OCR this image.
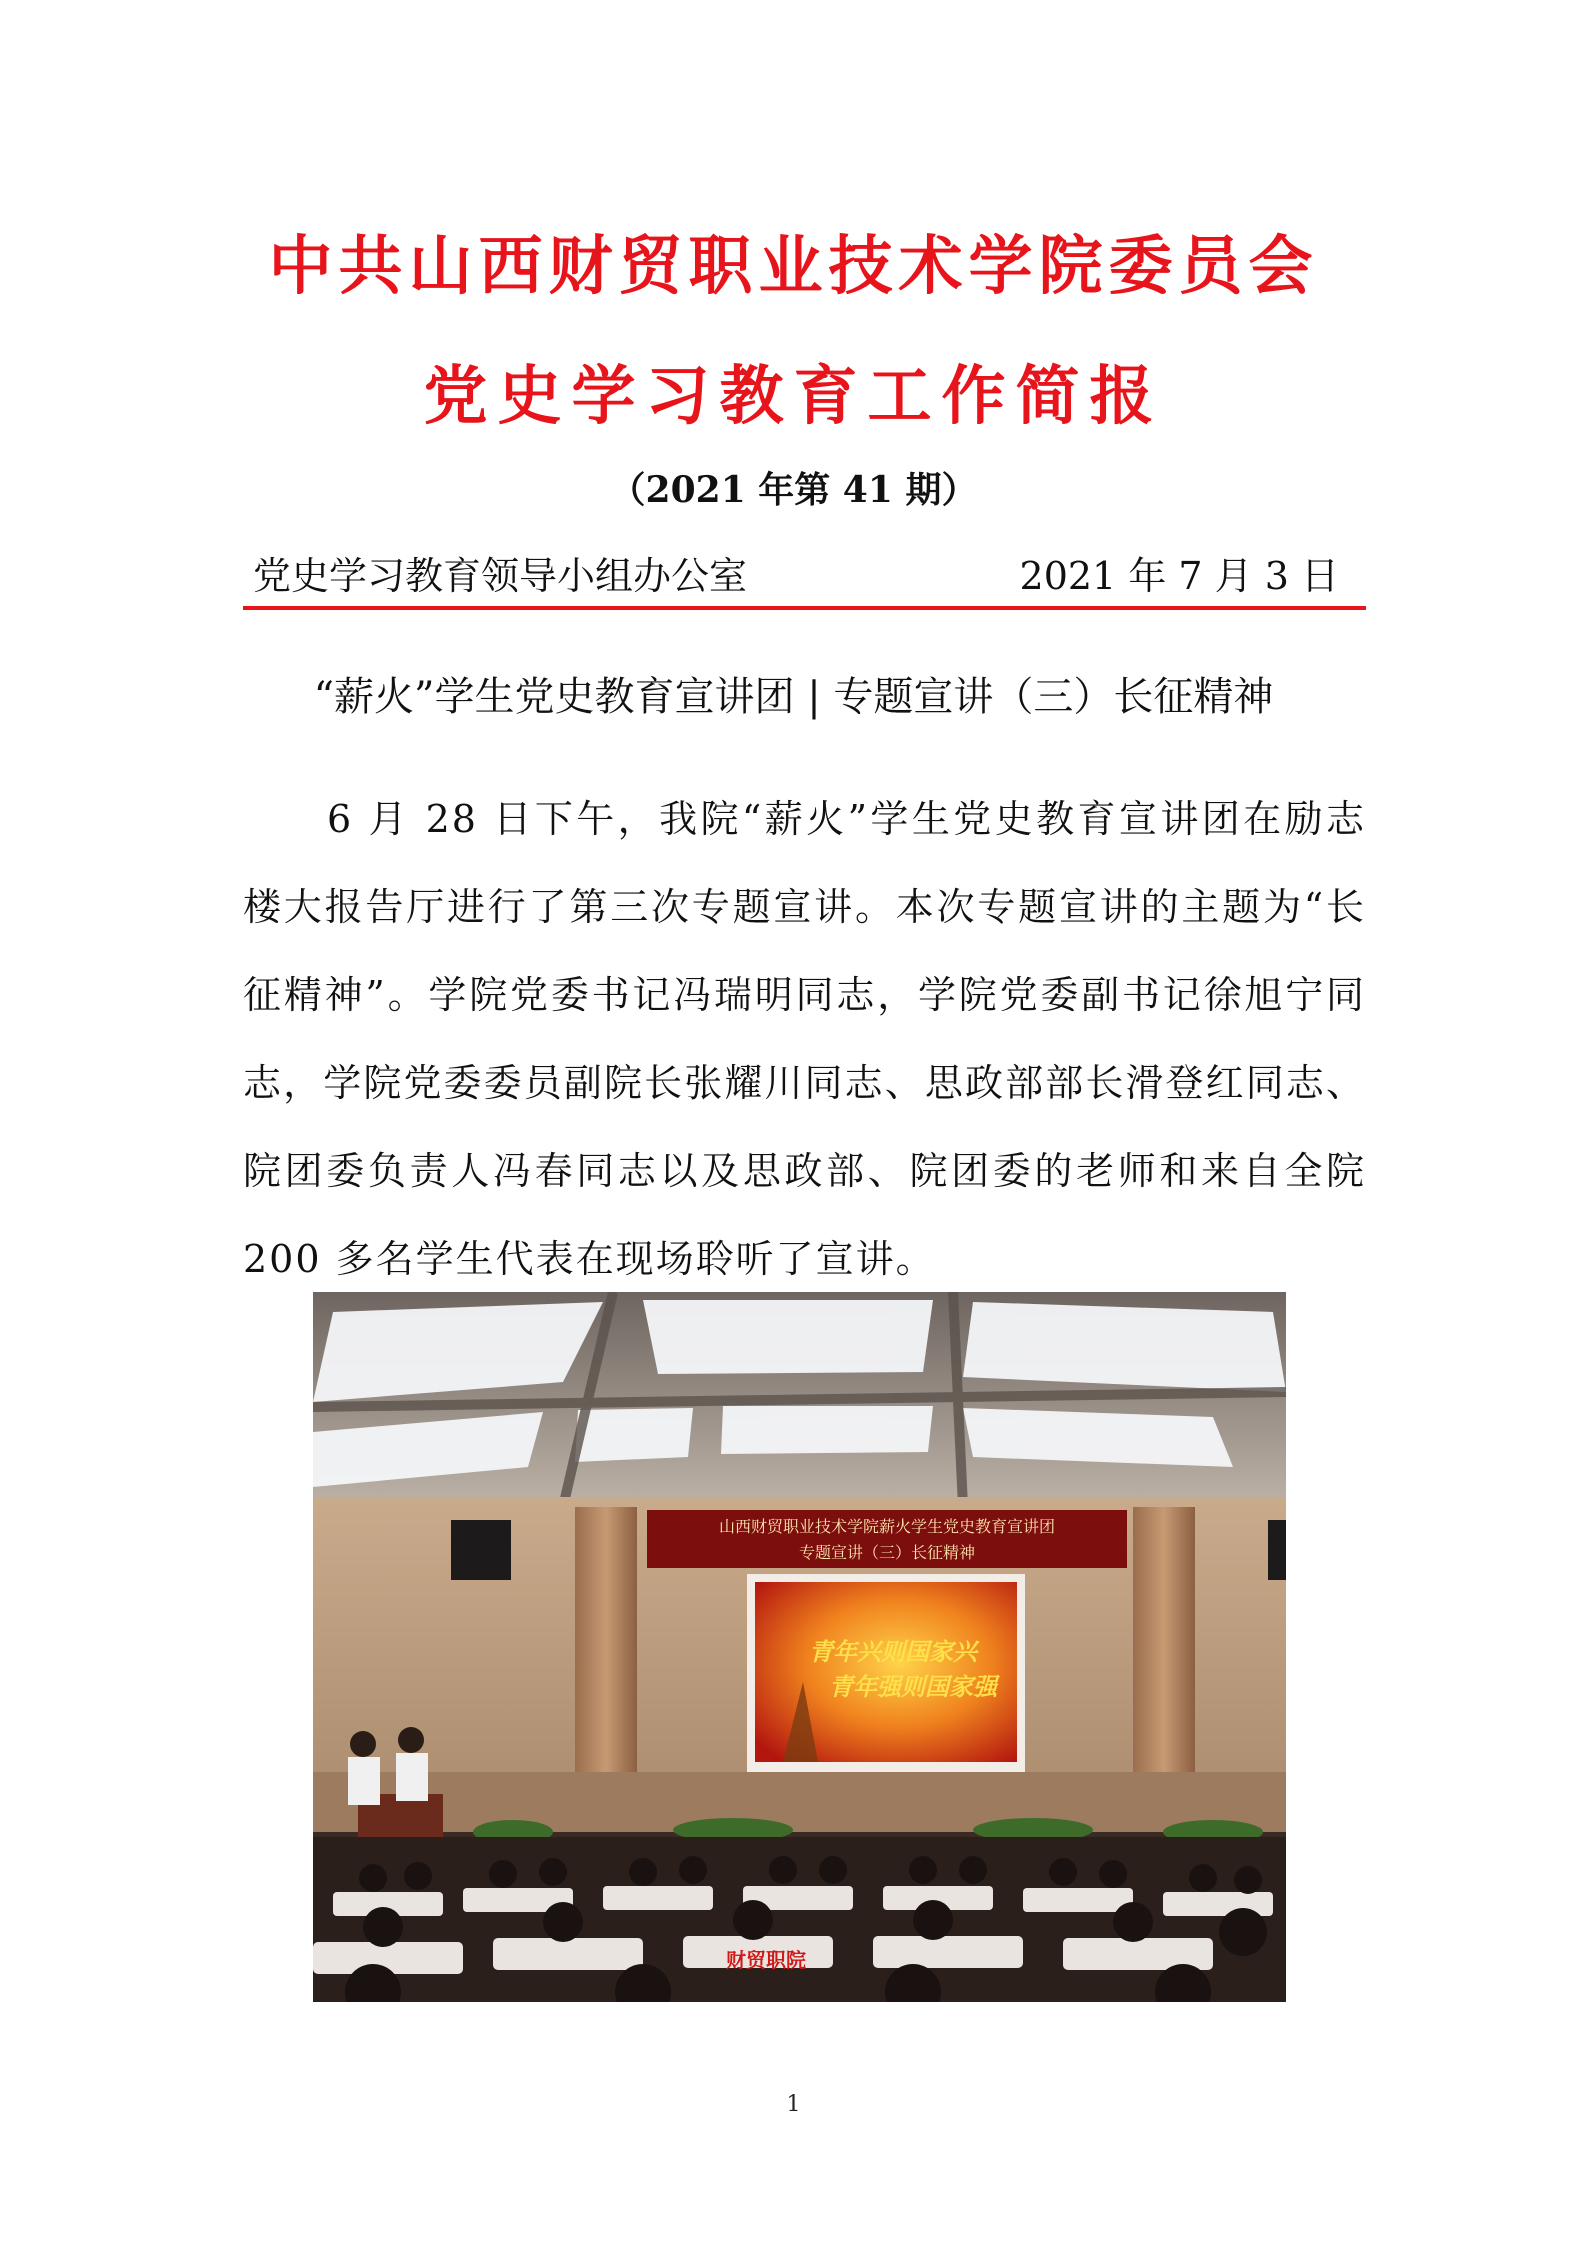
中共山西财贸职业技术学院委员会
党史学习教育工作简报
（2021 年第 41 期）
党史学习教育领导小组办公室	2021 年 7 月 3 日
“薪火”学生党史教育宣讲团 | 专题宣讲（三）长征精神

6 月 28 日下午，我院“薪火”学生党史教育宣讲团在励志楼大报告厅进行了第三次专题宣讲。本次专题宣讲的主题为“长征精神”。学院党委书记冯瑞明同志，学院党委副书记徐旭宁同志，学院党委委员副院长张耀川同志、思政部部长滑登红同志、院团委负责人冯春同志以及思政部、院团委的老师和来自全院200 多名学生代表在现场聆听了宣讲。

山西财贸职业技术学院薪火学生党史教育宣讲团
专题宣讲（三）长征精神
青年兴则国家兴
青年强则国家强
财贸职院
1
